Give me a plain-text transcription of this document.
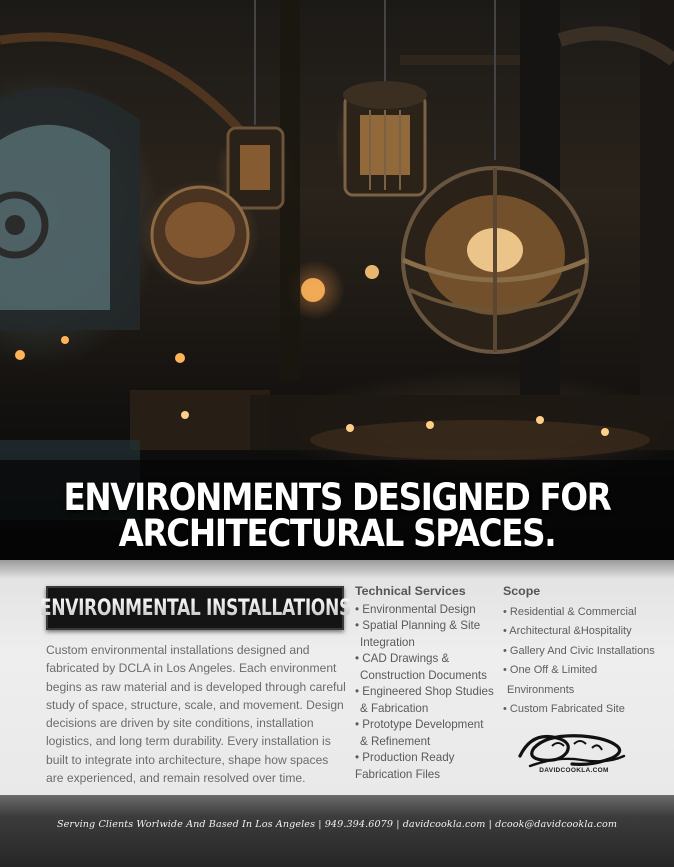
ENVIRONMENTS DESIGNED FOR
ARCHITECTURAL SPACES.
ENVIRONMENTAL INSTALLATIONS

Custom environmental installations designed and fabricated by DCLA in Los Angeles. Each environment begins as raw material and is developed through careful study of space, structure, scale, and movement. Design decisions are driven by site conditions, installation logistics, and long term durability. Every installation is built to integrate into architecture, shape how spaces are experienced, and remain resolved over time.

Technical Services
• Environmental Design
• Spatial Planning & Site
Integration
• CAD Drawings &
Construction Documents
• Engineered Shop Studies
& Fabrication
• Prototype Development
& Refinement
• Production Ready
Fabrication Files
Scope
• Residential & Commercial
• Architectural &Hospitality
• Gallery And Civic Installations
• One Off & Limited
Environments
• Custom Fabricated Site
DAVIDCOOKLA.COM
Serving Clients Worlwide And Based In Los Angeles | 949.394.6079 | davidcookla.com | dcook@davidcookla.com
